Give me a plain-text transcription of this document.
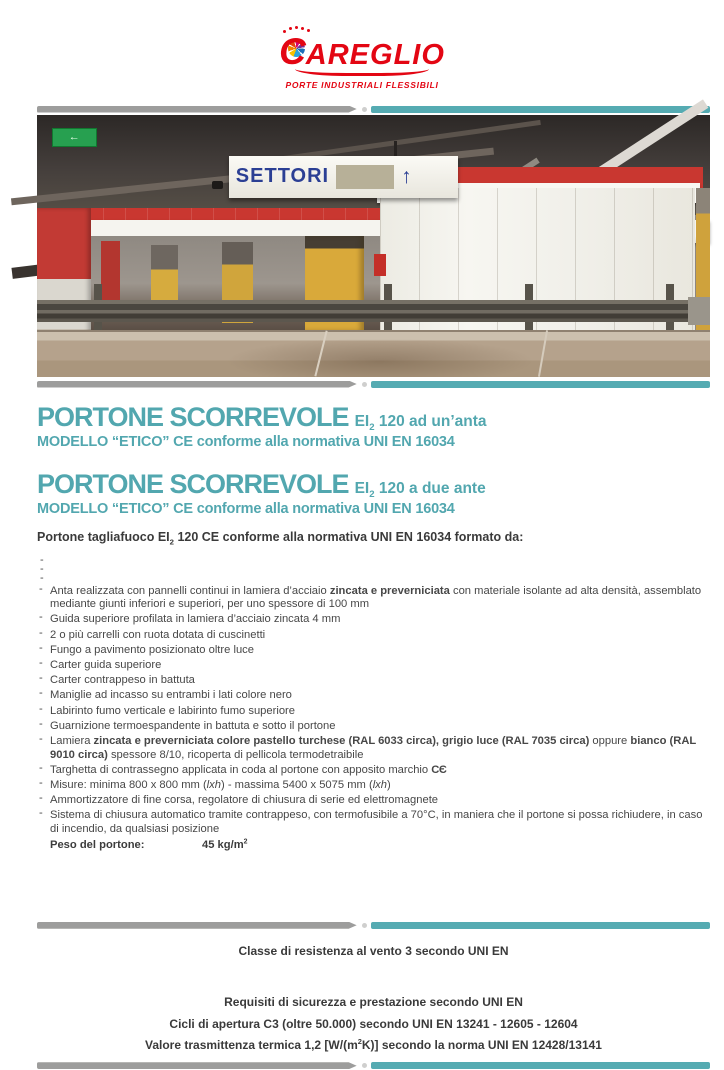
C AREGLIO
PORTE INDUSTRIALI FLESSIBILI
←
SETTORI	↑
PORTONE SCORREVOLE $EI_2$ 120 ad un’anta
MODELLO “ETICO” CE conforme alla normativa UNI EN 16034
PORTONE SCORREVOLE $EI_2$ 120 a due ante
MODELLO “ETICO” CE conforme alla normativa UNI EN 16034

Portone tagliafuoco $EI_2$ 120 CE conforme alla normativa UNI EN 16034 formato da:

-
-
-
- Anta realizzata con pannelli continui in lamiera d’acciaio zincata e preverniciata con materiale isolante ad alta densità, assemblato mediante giunti inferiori e superiori, per uno spessore di 100 mm
- Guida superiore profilata in lamiera d’acciaio zincata 4 mm
- 2 o più carrelli con ruota dotata di cuscinetti
- Fungo a pavimento posizionato oltre luce
- Carter guida superiore
- Carter contrappeso in battuta
- Maniglie ad incasso su entrambi i lati colore nero
- Labirinto fumo verticale e labirinto fumo superiore
- Guarnizione termoespandente in battuta e sotto il portone
- Lamiera zincata e preverniciata colore pastello turchese (RAL 6033 circa), grigio luce (RAL 7035 circa) oppure bianco (RAL 9010 circa) spessore 8/10, ricoperta di pellicola termodetraibile
- Targhetta di contrassegno applicata in coda al portone con apposito marchio CЄ
- Misure: minima 800 x 800 mm (lxh) - massima 5400 x 5075 mm (lxh)
- Ammortizzatore di fine corsa, regolatore di chiusura di serie ed elettromagnete
- Sistema di chiusura automatico tramite contrappeso, con termofusibile a 70°C, in maniera che il portone si possa richiudere, in caso di incendio, da qualsiasi posizione
Peso del portone:	45 $kg/m^2$
Classe di resistenza al vento 3 secondo UNI EN
Requisiti di sicurezza e prestazione secondo UNI EN
Cicli di apertura C3 (oltre 50.000) secondo UNI EN 13241 - 12605 - 12604
Valore trasmittenza termica 1,2 $[W/(m^2K)]$ secondo la norma UNI EN 12428/13141
